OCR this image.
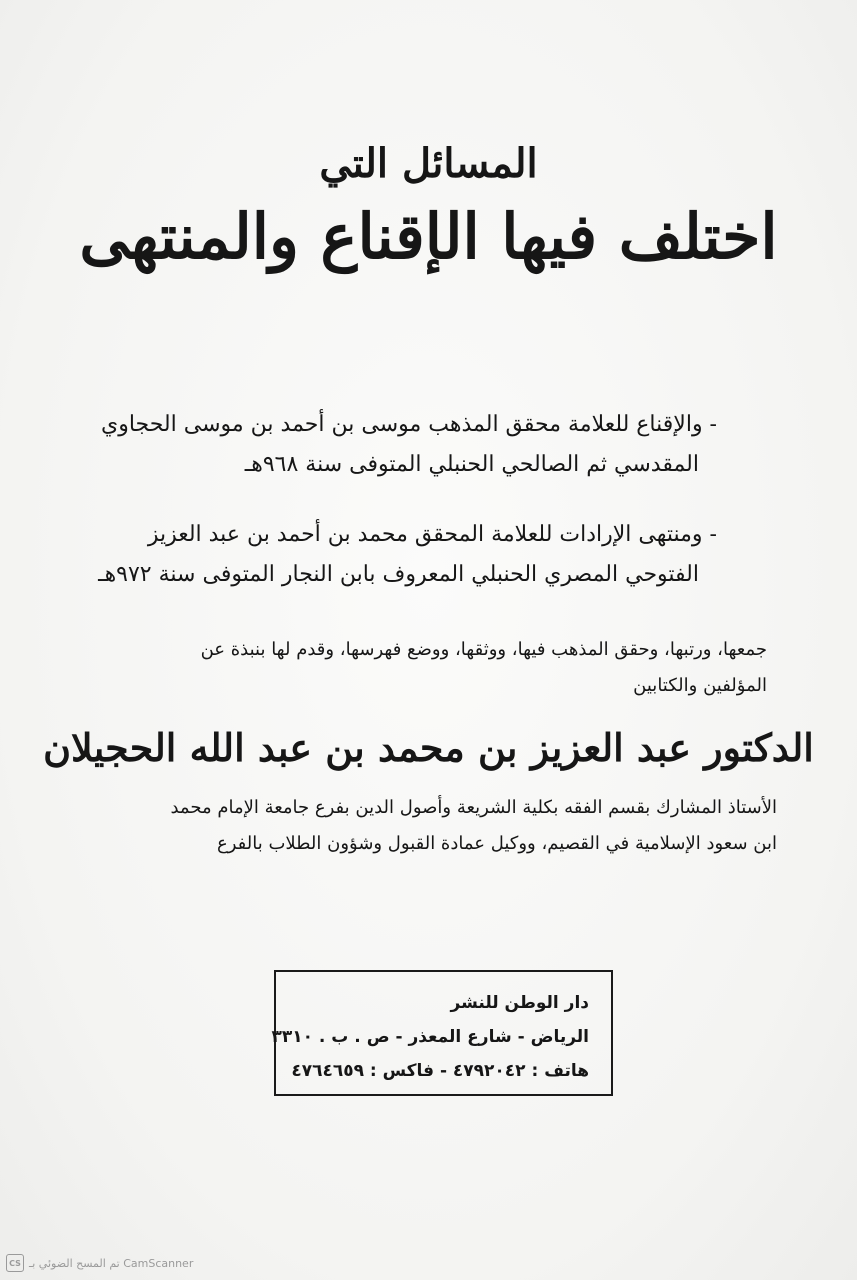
المسائل التي
اختلف فيها الإقناع والمنتهى
- والإقناع للعلامة محقق المذهب موسى بن أحمد بن موسى الحجاوي
المقدسي ثم الصالحي الحنبلي المتوفى سنة ٩٦٨هـ
- ومنتهى الإرادات للعلامة المحقق محمد بن أحمد بن عبد العزيز
الفتوحي المصري الحنبلي المعروف بابن النجار المتوفى سنة ٩٧٢هـ
جمعها، ورتبها، وحقق المذهب فيها، ووثقها، ووضع فهرسها، وقدم لها بنبذة عن
المؤلفين والكتابين
الدكتور عبد العزيز بن محمد بن عبد الله الحجيلان
الأستاذ المشارك بقسم الفقه بكلية الشريعة وأصول الدين بفرع جامعة الإمام محمد
ابن سعود الإسلامية في القصيم، ووكيل عمادة القبول وشؤون الطلاب بالفرع
دار الوطن للنشر
الرياض - شارع المعذر - ص . ب . ٣٣١٠
هاتف : ٤٧٩٢٠٤٢ - فاكس : ٤٧٦٤٦٥٩
CS تم المسح الضوئي بـ CamScanner
